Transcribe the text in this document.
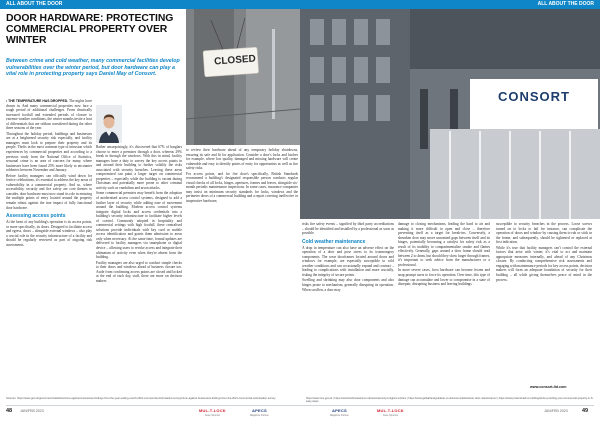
ALL ABOUT THE DOOR	ALL ABOUT THE DOOR
DOOR HARDWARE: PROTECTING COMMERCIAL PROPERTY OVER WINTER
Between crime and cold weather, many commercial facilities develop vulnerabilities over the winter period, but door hardware can play a vital role in protecting property says Daniel May of Consort.

• THE TEMPERATURE HAS DROPPED. The nights have drawn in. And many commercial properties now face a tough period of additional challenges. From drastically increased footfall and extended periods of closure to extreme weather conditions, the winter months invite a host of differentials that are seldom considered during the other three seasons of the year.

Throughout the holiday period, buildings and businesses are at a heightened security risk especially, and facility managers must look to prepare their property and its people. Thefts in the most common type of intrusion which experiences by commercial properties and according to a previous study from the National Office of Statistics, seasonal crime is an area of concern for many, where businesses have been found 25% more likely to encounter robberies between November and January.

Before facility managers can officially wind down for festive celebrations, it's essential to address the key areas of vulnerability in a commercial property. And so, where accessibility, security and fire safety are core themes to consider, door hardware must now stand its role in ensuring the multiple points of entry located around the property remain robust against the true impact of fully functional door hardware.

Assessing access points

At the heart of any building's operation is its access points, or more specifically, its doors. Designed to facilitate access and egress, doors – alongside external windows – also play a crucial role in the security infrastructure of a facility and should be regularly reviewed as part of ongoing risk assessments.

Rather unsurprisingly, it's discovered that 67% of burglars choose to enter a premises through a door, whereas 29% break in through the windows. With this in mind, facility managers have a duty to survey the key access points in and around their building to further solidify the risks associated with security breaches. Leaving these areas compromised can paint a larger target on commercial properties – especially while the building is vacant during Christmas and potentially more prone to other criminal activity such as vandalism and arson attacks.

Some commercial premises may benefit from the adoption of modernised access control systems, designed to add a further layer of security while adding ease of movement around the building. Modern access control systems integrate digital locks and access credentials into a building's security infrastructure to facilitate higher levels of control. Commonly adopted in hospitality and commercial settings with high footfall, these centralised solutions provide individuals with key card or mobile access identification and grants them admission to areas only when necessary. At the same time, formal updates are delivered to facility managers via smartphone or digital device – allowing users to revoke access and integrate their ultimatum of activity even when they're absent from the building.

Facility managers are also urged to conduct simple checks to their doors and windows ahead of business closure too. Aside from confirming access points are closed and locked at the end of each day, staff, there are more on decision makers

CLOSED
CONSORT

to review their hardware ahead of any temporary holiday shutdowns, ensuring its safe and fit for application. Consider a door's locks and latches for example, where low quality, damaged and missing hardware will create vulnerable and easy to identify points of entry for opportunists as well as fire safety risks.

For access points, and for fire door's specifically, British Standards recommend a building's designated responsible person conducts regular visual checks of all locks, hinges, apertures, frames and leaves, alongside six-month periodic maintenance inspections. In some cases, insurance companies may insist on minimum security standards for locks, windows and the perimeter doors of a commercial building and a report covering ineffective or inoperative hardware,

risks fire safety events – signified by third party accreditations – should be identified and installed by a professional as soon as possible.

Cold weather maintenance

A drop in temperature can also have an adverse effect on the operation of a door and pose stress to its ironmongery components. The wear doorframes located around doors and windows for example, are especially susceptible to cold weather conditions and can occasionally expand and contract – leading to complications with installation and more crucially, risking the integrity of secure points.

Swelling and shrinking may also door components and also hinges prone to mechanism, generally disrupting its operation. When swollen, a door may

damage to closing mechanisms, leading the hard to air and making it more difficult to open and close – therefore preventing itself as a target for break-ins. Conversely, a shrunken door may move unwanted gaps between itself and its hinges, potentially becoming a catalyst for safety risk as a result of its inability to compartmentalise smoke and flames effectively. Generally, gaps around a door frame should read between 2 to 4mm, but should they show larger through frames, it's important to seek advice from the manufacturer or a professional.

In more severe cases, frost hardware can become frozen and snap prompt users to force its operation. Over time, this type of damage can accumulate and lower to compromise in a state of disrepair, disrupting business and leaving buildings

susceptible to security breaches in the process. Loose screws turned on to locks to fail for instance, can complicate the operation of doors and window by causing them to rub or stick in the frame, and subsequently, should be tightened or replaced at first indication.

While it's true that facility managers can't control the external factors that arise with winter, it's vital to act and maintain appropriate measures internally, and ahead of any Christmas closure. By conducting comprehensive risk assessments and engaging with maintenance periods for key access points, decision makers will form an adequate foundation of security for their building – all while giving themselves peace of mind in the process.

www.consort-ltd.com
Sources: https://www.gov.uk/government/statistics/crime-against-businesses-findings-from-the-year-ending-march-2021-commercial-victimisation-survey/crime-against-businesses-findings-from-the-2021-commercial-victimisation-survey	https://www.ons.gov.uk | https://www.fireboxaward.co.uk/news/security-burglars-entries/ | https://www.globalhandypadeau.co.uk/news-article/winter-door-maintenance/ | https://www.protectoradi.co.uk/blog/winter-proofing-your-commercial-property-in-5-easy-steps
48 JAN/FEB 2023	MUL-T-LOCK
Issue Sponsor
APECS
Magazine Partner
APECS
Magazine Partner
MUL-T-LOCK
Issue Sponsor
JAN/FEB 2023	49
